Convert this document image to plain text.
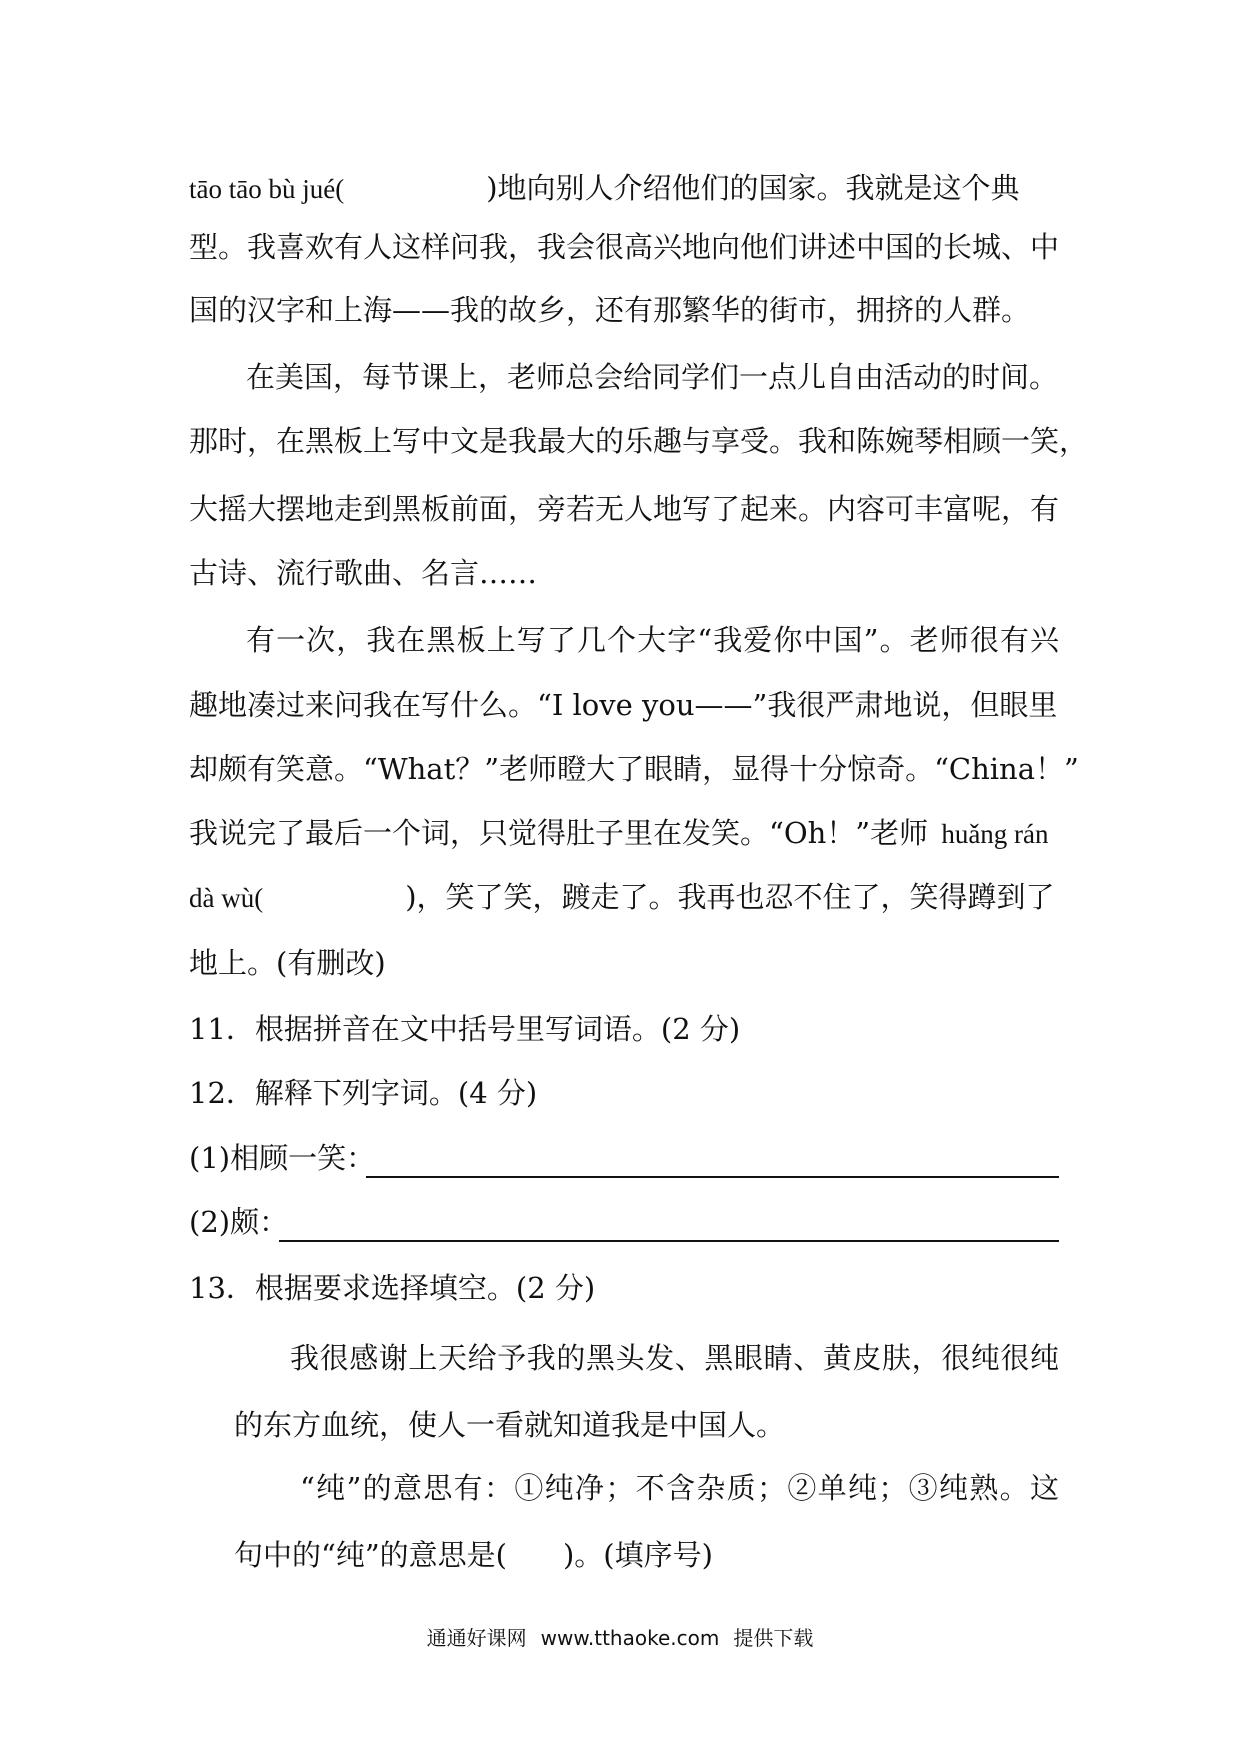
tāo tāo bù jué(	)地向别人介绍他们的国家。我就是这个典
型。我喜欢有人这样问我，我会很高兴地向他们讲述中国的长城、中
国的汉字和上海——我的故乡，还有那繁华的街市，拥挤的人群。
在美国，每节课上，老师总会给同学们一点儿自由活动的时间。
那时，在黑板上写中文是我最大的乐趣与享受。我和陈婉琴相顾一笑，
大摇大摆地走到黑板前面，旁若无人地写了起来。内容可丰富呢，有
古诗、流行歌曲、名言……
有一次，我在黑板上写了几个大字“我爱你中国”。老师很有兴
趣地凑过来问我在写什么。“I love you——”我很严肃地说，但眼里
却颇有笑意。“What？”老师瞪大了眼睛，显得十分惊奇。“China！”
我说完了最后一个词，只觉得肚子里在发笑。“Oh！”老师 huǎng rán
dà wù(	)，笑了笑，踱走了。我再也忍不住了，笑得蹲到了
地上。(有删改)
11．根据拼音在文中括号里写词语。(2 分)
12．解释下列字词。(4 分)
(1)相顾一笑：
(2)颇：
13．根据要求选择填空。(2 分)
我很感谢上天给予我的黑头发、黑眼睛、黄皮肤，很纯很纯
的东方血统，使人一看就知道我是中国人。
“纯”的意思有：①纯净；不含杂质；②单纯；③纯熟。这
句中的“纯”的意思是( )。(填序号)
通通好课网 www.tthaoke.com 提供下载
